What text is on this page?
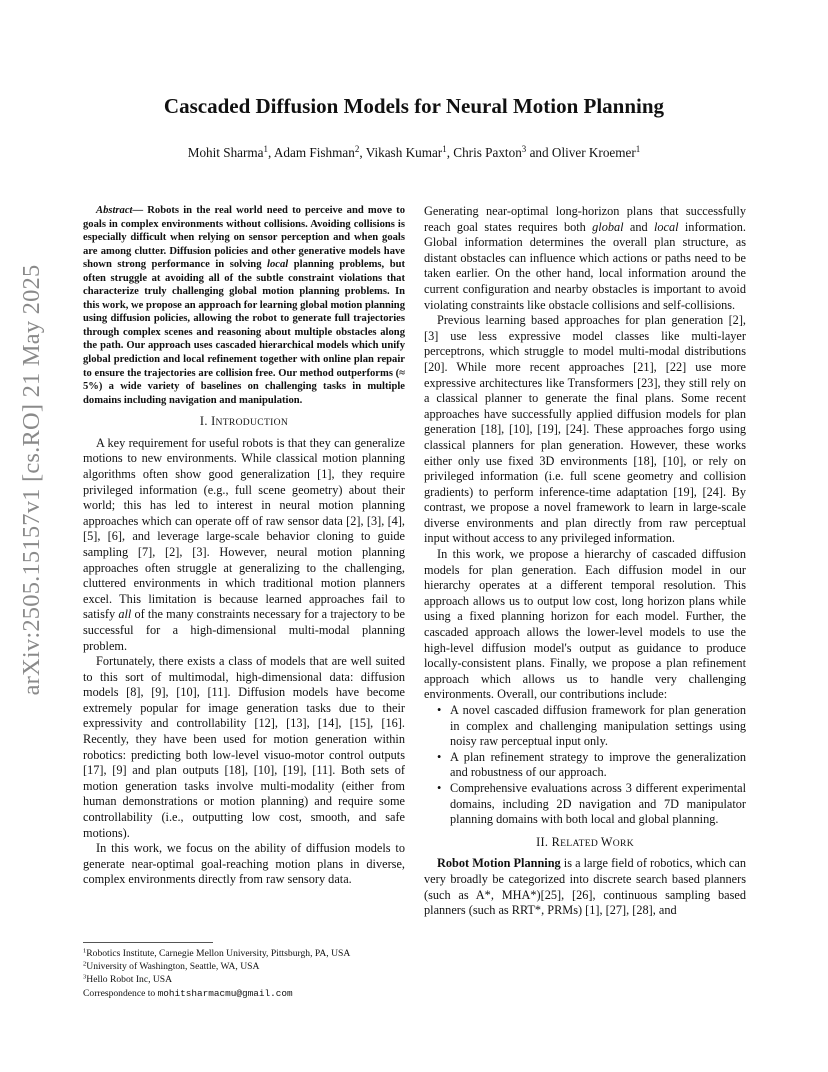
arXiv:2505.15157v1 [cs.RO] 21 May 2025
Cascaded Diffusion Models for Neural Motion Planning

Mohit Sharma$^1$, Adam Fishman$^2$, Vikash Kumar$^1$, Chris Paxton$^3$ and Oliver Kroemer$^1$

Abstract— Robots in the real world need to perceive and move to goals in complex environments without collisions. Avoiding collisions is especially difficult when relying on sensor perception and when goals are among clutter. Diffusion policies and other generative models have shown strong performance in solving local planning problems, but often struggle at avoiding all of the subtle constraint violations that characterize truly challenging global motion planning problems. In this work, we propose an approach for learning global motion planning using diffusion policies, allowing the robot to generate full trajectories through complex scenes and reasoning about multiple obstacles along the path. Our approach uses cascaded hierarchical models which unify global prediction and local refinement together with online plan repair to ensure the trajectories are collision free. Our method outperforms (≈ 5%) a wide variety of baselines on challenging tasks in multiple domains including navigation and manipulation.

I. INTRODUCTION

A key requirement for useful robots is that they can generalize motions to new environments. While classical motion planning algorithms often show good generalization [1], they require privileged information (e.g., full scene geometry) about their world; this has led to interest in neural motion planning approaches which can operate off of raw sensor data [2], [3], [4], [5], [6], and leverage large-scale behavior cloning to guide sampling [7], [2], [3]. However, neural motion planning approaches often struggle at generalizing to the challenging, cluttered environments in which traditional motion planners excel. This limitation is because learned approaches fail to satisfy all of the many constraints necessary for a trajectory to be successful for a high-dimensional multi-modal planning problem.

Fortunately, there exists a class of models that are well suited to this sort of multimodal, high-dimensional data: diffusion models [8], [9], [10], [11]. Diffusion models have become extremely popular for image generation tasks due to their expressivity and controllability [12], [13], [14], [15], [16]. Recently, they have been used for motion generation within robotics: predicting both low-level visuo-motor control outputs [17], [9] and plan outputs [18], [10], [19], [11]. Both sets of motion generation tasks involve multi-modality (either from human demonstrations or motion planning) and require some controllability (i.e., outputting low cost, smooth, and safe motions).

In this work, we focus on the ability of diffusion models to generate near-optimal goal-reaching motion plans in diverse, complex environments directly from raw sensory data.

$^1$Robotics Institute, Carnegie Mellon University, Pittsburgh, PA, USA
$^2$University of Washington, Seattle, WA, USA
$^3$Hello Robot Inc, USA
Correspondence to mohitsharmacmu@gmail.com

Generating near-optimal long-horizon plans that successfully reach goal states requires both global and local information. Global information determines the overall plan structure, as distant obstacles can influence which actions or paths need to be taken earlier. On the other hand, local information around the current configuration and nearby obstacles is important to avoid violating constraints like obstacle collisions and self-collisions.

Previous learning based approaches for plan generation [2], [3] use less expressive model classes like multi-layer perceptrons, which struggle to model multi-modal distributions [20]. While more recent approaches [21], [22] use more expressive architectures like Transformers [23], they still rely on a classical planner to generate the final plans. Some recent approaches have successfully applied diffusion models for plan generation [18], [10], [19], [24]. These approaches forgo using classical planners for plan generation. However, these works either only use fixed 3D environments [18], [10], or rely on privileged information (i.e. full scene geometry and collision gradients) to perform inference-time adaptation [19], [24]. By contrast, we propose a novel framework to learn in large-scale diverse environments and plan directly from raw perceptual input without access to any privileged information.

In this work, we propose a hierarchy of cascaded diffusion models for plan generation. Each diffusion model in our hierarchy operates at a different temporal resolution. This approach allows us to output low cost, long horizon plans while using a fixed planning horizon for each model. Further, the cascaded approach allows the lower-level models to use the high-level diffusion model's output as guidance to produce locally-consistent plans. Finally, we propose a plan refinement approach which allows us to handle very challenging environments. Overall, our contributions include:

• A novel cascaded diffusion framework for plan generation in complex and challenging manipulation settings using noisy raw perceptual input only.
• A plan refinement strategy to improve the generalization and robustness of our approach.
• Comprehensive evaluations across 3 different experimental domains, including 2D navigation and 7D manipulator planning domains with both local and global planning.
II. RELATED WORK

Robot Motion Planning is a large field of robotics, which can very broadly be categorized into discrete search based planners (such as A*, MHA*)[25], [26], continuous sampling based planners (such as RRT*, PRMs) [1], [27], [28], and
